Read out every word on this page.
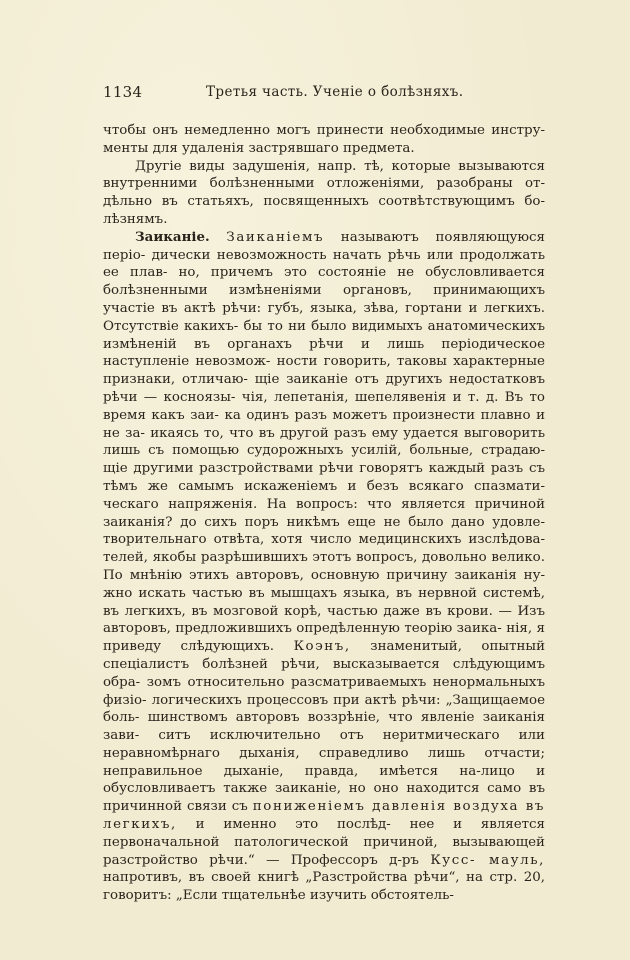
1134	Третья часть. Ученіе о болѣзняхъ.

чтобы онъ немедленно могъ принести необходимые инстру- менты для удаленія застрявшаго предмета.

Другіе виды задушенія, напр. тѣ, которые вызываются внутренними болѣзненными отложеніями, разобраны от- дѣльно въ статьяхъ, посвященныхъ соотвѣтствующимъ бо- лѣзнямъ.

Заиканіе. Заиканіемъ называютъ появляющуюся періо- дически невозможность начать рѣчь или продолжать ее плав- но, причемъ это состояніе не обусловливается болѣзненными измѣненіями органовъ, принимающихъ участіе въ актѣ рѣчи: губъ, языка, зѣва, гортани и легкихъ. Отсутствіе какихъ- бы то ни было видимыхъ анатомическихъ измѣненій въ органахъ рѣчи и лишь періодическое наступленіе невозмож- ности говорить, таковы характерные признаки, отличаю- щіе заиканіе отъ другихъ недостатковъ рѣчи — косноязы- чія, лепетанія, шепелявенія и т. д. Въ то время какъ заи- ка одинъ разъ можетъ произнести плавно и не за- икаясь то, что въ другой разъ ему удается выговорить лишь съ помощью судорожныхъ усилій, больные, страдаю- щіе другими разстройствами рѣчи говорятъ каждый разъ съ тѣмъ же самымъ искаженіемъ и безъ всякаго спазмати- ческаго напряженія. На вопросъ: что является причиной заиканія? до сихъ поръ никѣмъ еще не было дано удовле- творительнаго отвѣта, хотя число медицинскихъ изслѣдова- телей, якобы разрѣшившихъ этотъ вопросъ, довольно велико. По мнѣнію этихъ авторовъ, основную причину заиканія ну- жно искать частью въ мышцахъ языка, въ нервной системѣ, въ легкихъ, въ мозговой корѣ, частью даже въ крови. — Изъ авторовъ, предложившихъ опредѣленную теорію заика- нія, я приведу слѣдующихъ. Коэнъ, знаменитый, опытный спеціалистъ болѣзней рѣчи, высказывается слѣдующимъ обра- зомъ относительно разсматриваемыхъ ненормальныхъ физіо- логическихъ процессовъ при актѣ рѣчи: „Защищаемое боль- шинствомъ авторовъ воззрѣніе, что явленіе заиканія зави- ситъ исключительно отъ неритмическаго или неравномѣрнаго дыханія, справедливо лишь отчасти; неправильное дыханіе, правда, имѣется на-лицо и обусловливаетъ также заиканіе, но оно находится само въ причинной связи съ пониженіемъ давленія воздуха въ легкихъ, и именно это послѣд- нее и является первоначальной патологической причиной, вызывающей разстройство рѣчи.“ — Профессоръ д-ръ Кусс- мауль, напротивъ, въ своей книгѣ „Разстройства рѣчи“, на стр. 20, говоритъ: „Если тщательнѣе изучить обстоятель-
